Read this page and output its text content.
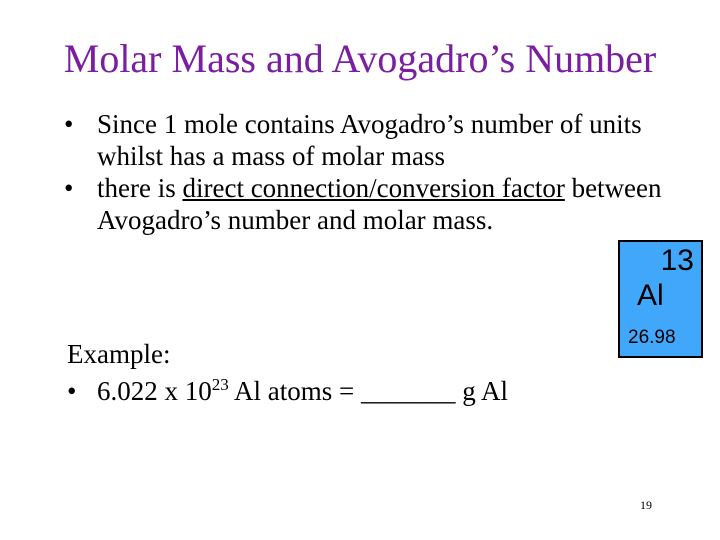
Molar Mass and Avogadro’s Number
• Since 1 mole contains Avogadro’s number of units whilst has a mass of molar mass
• there is direct connection/conversion factor between Avogadro’s number and molar mass.
Example:
• 6.022 x $10^{23}$ Al atoms = _______ g Al
13
Al
26.98
19
